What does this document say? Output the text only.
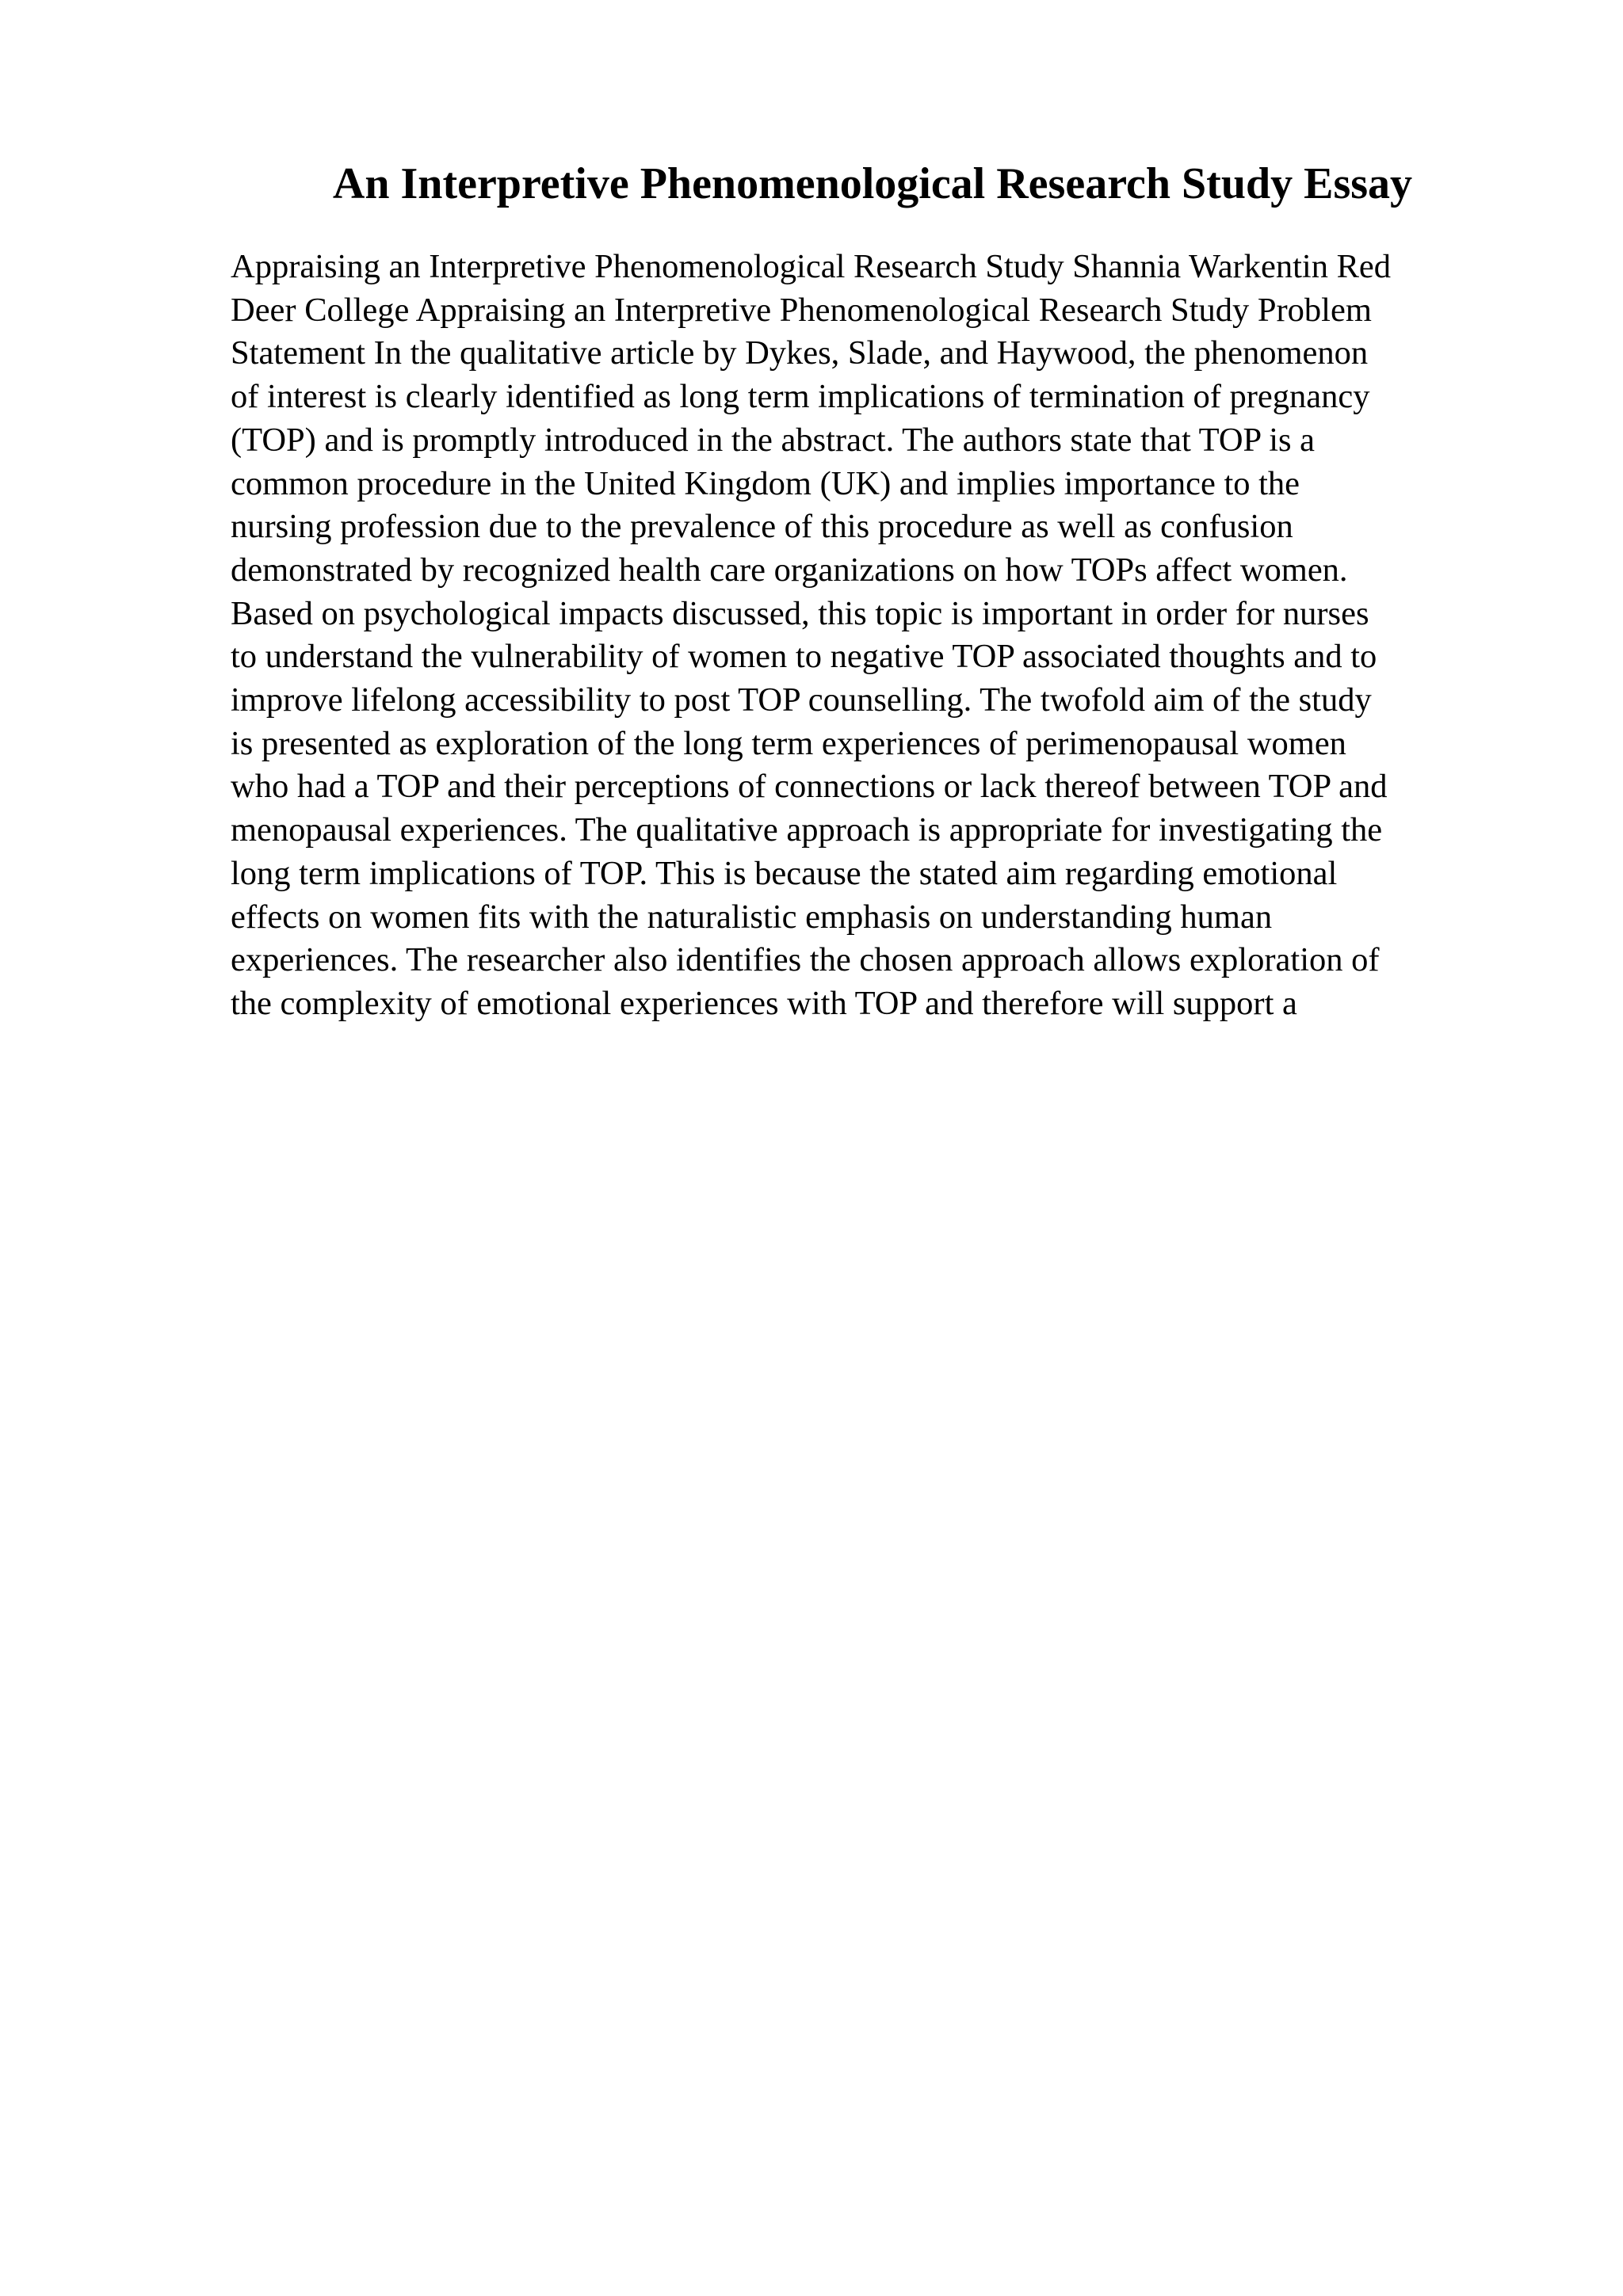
An Interpretive Phenomenological Research Study Essay
Appraising an Interpretive Phenomenological Research Study Shannia Warkentin Red
Deer College Appraising an Interpretive Phenomenological Research Study Problem
Statement In the qualitative article by Dykes, Slade, and Haywood, the phenomenon
of interest is clearly identified as long term implications of termination of pregnancy
(TOP) and is promptly introduced in the abstract. The authors state that TOP is a
common procedure in the United Kingdom (UK) and implies importance to the
nursing profession due to the prevalence of this procedure as well as confusion
demonstrated by recognized health care organizations on how TOPs affect women.
Based on psychological impacts discussed, this topic is important in order for nurses
to understand the vulnerability of women to negative TOP associated thoughts and to
improve lifelong accessibility to post TOP counselling. The twofold aim of the study
is presented as exploration of the long term experiences of perimenopausal women
who had a TOP and their perceptions of connections or lack thereof between TOP and
menopausal experiences. The qualitative approach is appropriate for investigating the
long term implications of TOP. This is because the stated aim regarding emotional
effects on women fits with the naturalistic emphasis on understanding human
experiences. The researcher also identifies the chosen approach allows exploration of
the complexity of emotional experiences with TOP and therefore will support a
